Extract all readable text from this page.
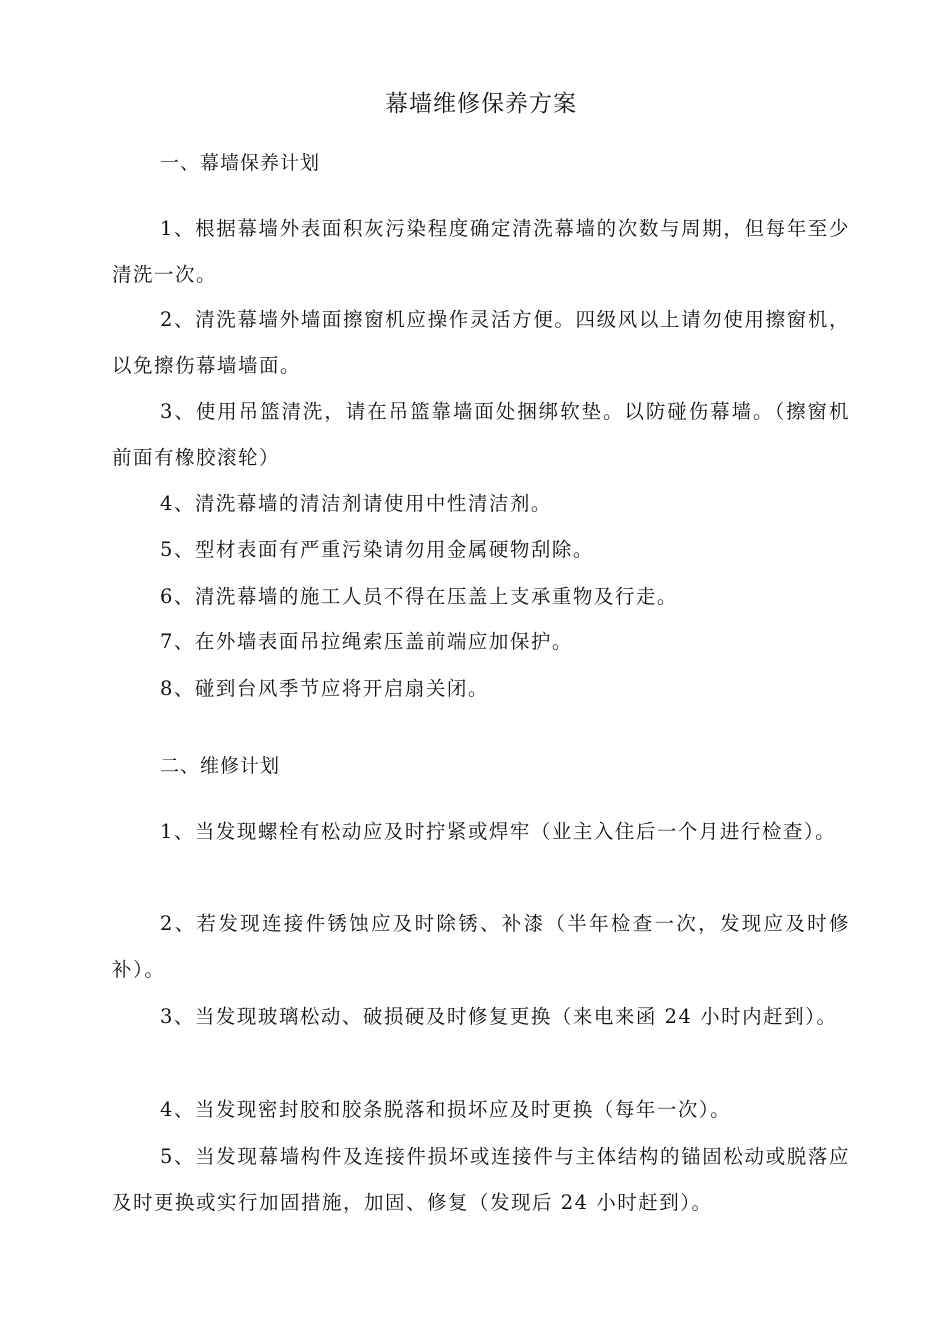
幕墙维修保养方案
一、幕墙保养计划

1、根据幕墙外表面积灰污染程度确定清洗幕墙的次数与周期，但每年至少清洗一次。

2、清洗幕墙外墙面擦窗机应操作灵活方便。四级风以上请勿使用擦窗机，以免擦伤幕墙墙面。

3、使用吊篮清洗，请在吊篮靠墙面处捆绑软垫。以防碰伤幕墙。（擦窗机前面有橡胶滚轮）

4、清洗幕墙的清洁剂请使用中性清洁剂。

5、型材表面有严重污染请勿用金属硬物刮除。

6、清洗幕墙的施工人员不得在压盖上支承重物及行走。

7、在外墙表面吊拉绳索压盖前端应加保护。

8、碰到台风季节应将开启扇关闭。

二、维修计划

1、当发现螺栓有松动应及时拧紧或焊牢（业主入住后一个月进行检查）。

2、若发现连接件锈蚀应及时除锈、补漆（半年检查一次，发现应及时修补）。

3、当发现玻璃松动、破损硬及时修复更换（来电来函 24 小时内赶到）。

4、当发现密封胶和胶条脱落和损坏应及时更换（每年一次）。

5、当发现幕墙构件及连接件损坏或连接件与主体结构的锚固松动或脱落应及时更换或实行加固措施，加固、修复（发现后 24 小时赶到）。
